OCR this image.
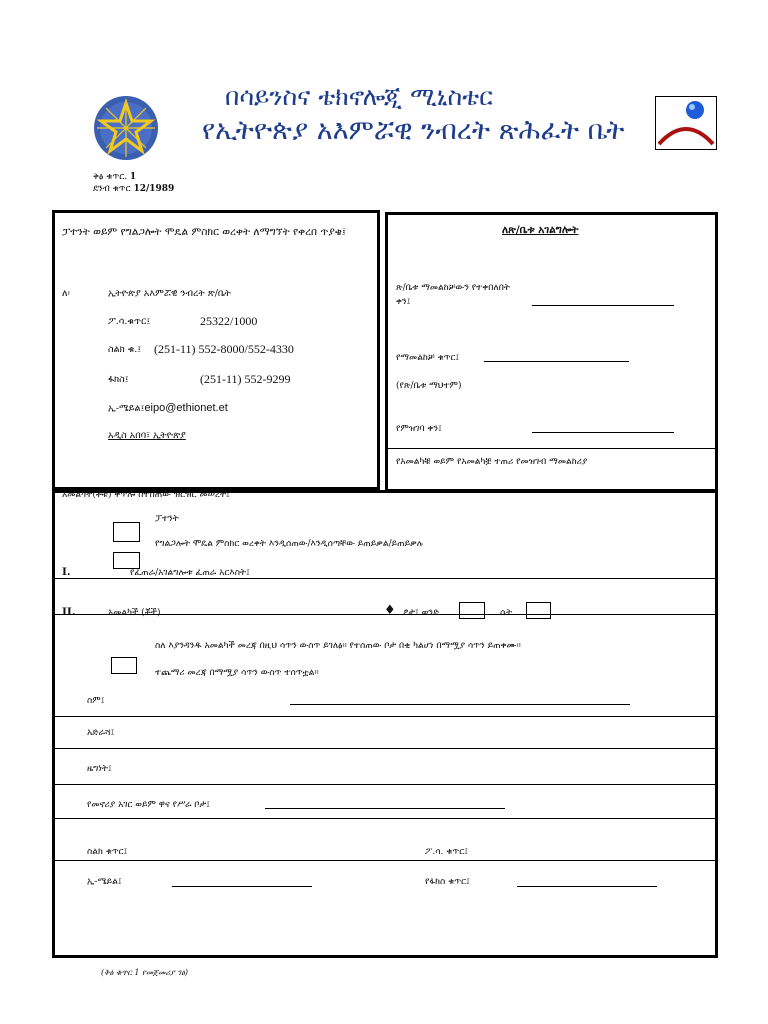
በሳይንስና ቴክኖሎጂ ሚኒስቴር
የኢትዮጵያ አእምሯዊ ንብረት ጽሕፈት ቤት
ቅፅ ቁጥር. 1
ደንብ ቁጥር 12/1989
ፓተንት ወይም የግልጋሎት ሞዴል ምስክር ወረቀት ለማግኘት የቀረበ ጥያቄ፤
ለ፡	ኢትዮጵያ አእምሯዊ ንብረት ጽ/ቤት
ፖ.ሳ.ቁጥር፤	25322/1000
ስልክ ቁ.፤ (251-11) 552-8000/552-4330
ፋክስ፤	(251-11) 552-9299
ኢ-ሜይል፤eipo@ethionet.et
አዲስ አበባ፣ ኢትዮጵያ
ለጽ/ቤቱ አገልግሎት
ጽ/ቤቱ ማመልከቻውን የተቀበለበት ቀን፤
የማመልከቻ ቁጥር፤
(የጽ/ቤቱ ማህተም)
የምዝገባ ቀን፤
የአመልካቹ ወይም የአመልካቿ ተጠሪ የመዝገብ ማመልከሪያ
አመልካች(ቾቹ) ቀጥሎ በተሰጠው ዝርዝር መሠረት፤
ፓተንት
የግልጋሎት ሞዴል ምስክር ወረቀት እንዲሰጠው/እንዲሰጣቸው ይጠይቃል/ይጠይቃሉ
I.	የፈጠራ/አገልግሎቱ ፈጠራ አርእስት፤
II.	አመልካች (ቾች)	♦ ፆታ፤ ወንድ	ሴት
ስለ እያንዳንዱ አመልካች መረጃ በዚህ ሳጥን ውስጥ ይገለፅ። የተሰጠው ቦታ በቂ ካልሆነ በማሟያ ሳጥን ይጠቀሙ።
ተጨማሪ መረጃ በማሟያ ሳጥን ውስጥ ተሰጥቷል።
ስም፤
አድራሻ፤
ዜግነት፤
የመኖሪያ አገር ወይም ዋና የሥራ ቦታ፤
ስልክ ቁጥር፤	ፖ.ሳ. ቁጥር፤
ኢ-ሜይል፤	የፋክስ ቁጥር፤
(ቅፅ ቁጥር 1 የመጀመሪያ ገፅ)
